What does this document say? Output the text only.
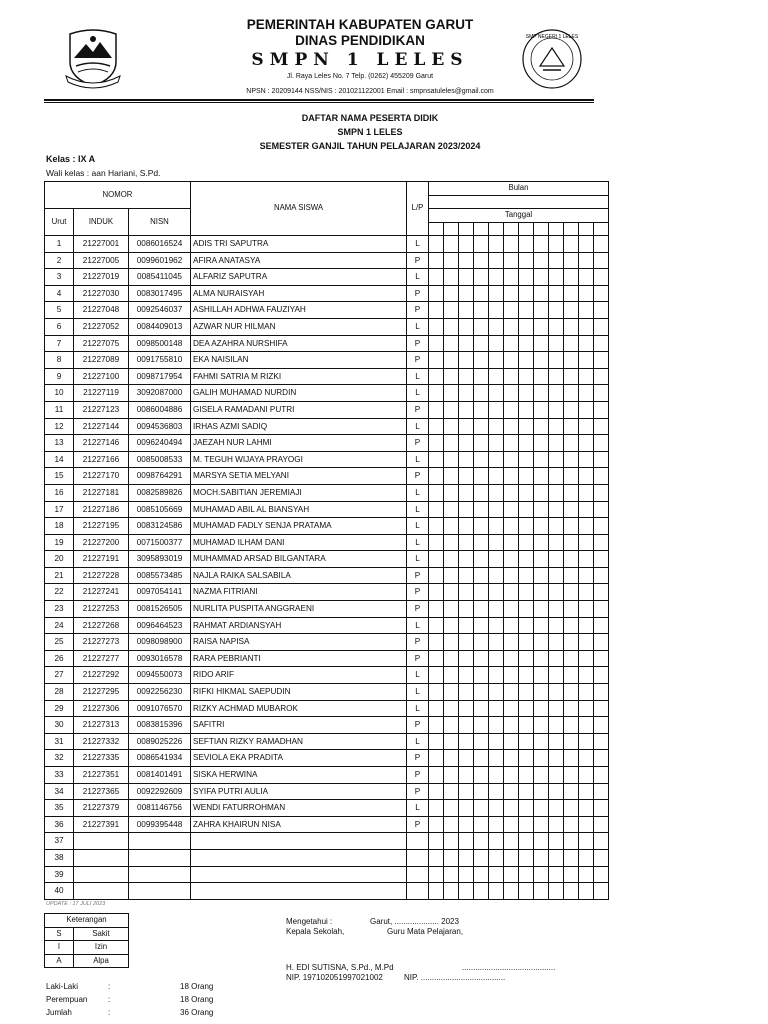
SMP NEGERI 1 LELES
PEMERINTAH KABUPATEN GARUT
DINAS PENDIDIKAN
SMPN 1 LELES
Jl. Raya Leles No. 7 Telp. (0262) 455209 Garut
NPSN : 20209144 NSS/NIS : 201021122001 Email : smpnsatuleles@gmail.com
DAFTAR NAMA PESERTA DIDIK
SMPN 1 LELES
SEMESTER GANJIL TAHUN PELAJARAN 2023/2024
Kelas : IX A
Wali kelas : aan Hariani, S.Pd.
NOMOR			NAMA SISWA	L/P	Bulan											

Urut	INDUK	NISN			Tanggal											

1	21227001	0086016524	ADIS TRI SAPUTRA	L												
2	21227005	0099601962	AFIRA ANATASYA	P												
3	21227019	0085411045	ALFARIZ SAPUTRA	L												
4	21227030	0083017495	ALMA NURAISYAH	P												
5	21227048	0092546037	ASHILLAH ADHWA FAUZIYAH	P												
6	21227052	0084409013	AZWAR NUR HILMAN	L												
7	21227075	0098500148	DEA AZAHRA NURSHIFA	P												
8	21227089	0091755810	EKA NAISILAN	P												
9	21227100	0098717954	FAHMI SATRIA M RIZKI	L												
10	21227119	3092087000	GALIH MUHAMAD NURDIN	L												
11	21227123	0086004886	GISELA RAMADANI PUTRI	P												
12	21227144	0094536803	IRHAS AZMI SADIQ	L												
13	21227146	0096240494	JAEZAH NUR LAHMI	P												
14	21227166	0085008533	M. TEGUH WIJAYA PRAYOGI	L												
15	21227170	0098764291	MARSYA SETIA MELYANI	P												
16	21227181	0082589826	MOCH.SABITIAN JEREMIAJI	L												
17	21227186	0085105669	MUHAMAD ABIL AL BIANSYAH	L												
18	21227195	0083124586	MUHAMAD FADLY SENJA PRATAMA	L												
19	21227200	0071500377	MUHAMAD ILHAM DANI	L												
20	21227191	3095893019	MUHAMMAD ARSAD BILGANTARA	L												
21	21227228	0085573485	NAJLA RAIKA SALSABILA	P												
22	21227241	0097054141	NAZMA FITRIANI	P												
23	21227253	0081526505	NURLITA PUSPITA ANGGRAENI	P												
24	21227268	0096464523	RAHMAT ARDIANSYAH	L												
25	21227273	0098098900	RAISA NAPISA	P												
26	21227277	0093016578	RARA PEBRIANTI	P												
27	21227292	0094550073	RIDO ARIF	L												
28	21227295	0092256230	RIFKI HIKMAL SAEPUDIN	L												
29	21227306	0091076570	RIZKY ACHMAD MUBAROK	L												
30	21227313	0083815396	SAFITRI	P												
31	21227332	0089025226	SEFTIAN RIZKY RAMADHAN	L												
32	21227335	0086541934	SEVIOLA EKA PRADITA	P												
33	21227351	0081401491	SISKA HERWINA	P												
34	21227365	0092292609	SYIFA PUTRI AULIA	P												
35	21227379	0081146756	WENDI FATURROHMAN	L												
36	21227391	0099395448	ZAHRA KHAIRUN NISA	P												
37																
38																
39																
40																
UPDATE : 17 JULI 2023
Keterangan	
S	Sakit
I	Izin
A	Alpa
Mengetahui :
Kepala Sekolah,
Garut, .................... 2023
Guru Mata Pelajaran,
H. EDI SUTISNA, S.Pd., M.Pd
NIP. 197102051997021002
..........................................
NIP. ......................................
Laki-Laki	:	18 Orang
Perempuan	:	18 Orang
Jumlah	:	36 Orang
